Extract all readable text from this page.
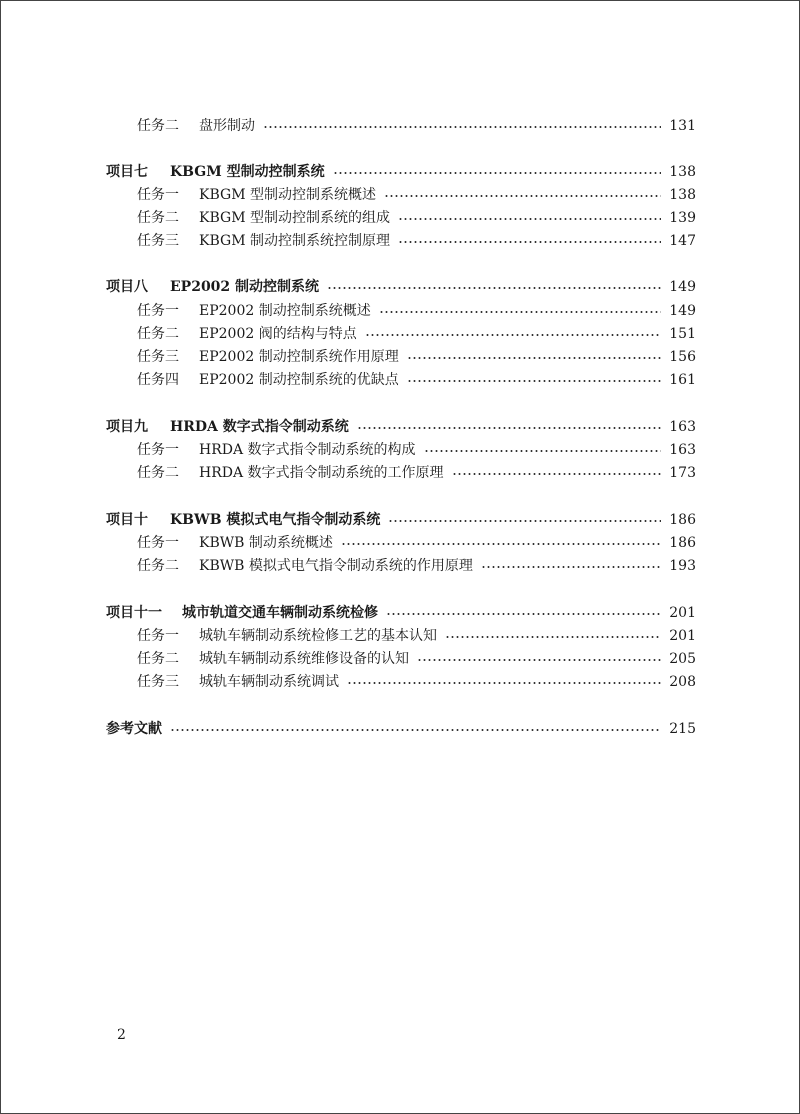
任务二	盘形制动	131
项目七	KBGM 型制动控制系统	138
任务一	KBGM 型制动控制系统概述	138
任务二	KBGM 型制动控制系统的组成	139
任务三	KBGM 制动控制系统控制原理	147
项目八	EP2002 制动控制系统	149
任务一	EP2002 制动控制系统概述	149
任务二	EP2002 阀的结构与特点	151
任务三	EP2002 制动控制系统作用原理	156
任务四	EP2002 制动控制系统的优缺点	161
项目九	HRDA 数字式指令制动系统	163
任务一	HRDA 数字式指令制动系统的构成	163
任务二	HRDA 数字式指令制动系统的工作原理	173
项目十	KBWB 模拟式电气指令制动系统	186
任务一	KBWB 制动系统概述	186
任务二	KBWB 模拟式电气指令制动系统的作用原理	193
项目十一	城市轨道交通车辆制动系统检修	201
任务一	城轨车辆制动系统检修工艺的基本认知	201
任务二	城轨车辆制动系统维修设备的认知	205
任务三	城轨车辆制动系统调试	208
参考文献	215
2
